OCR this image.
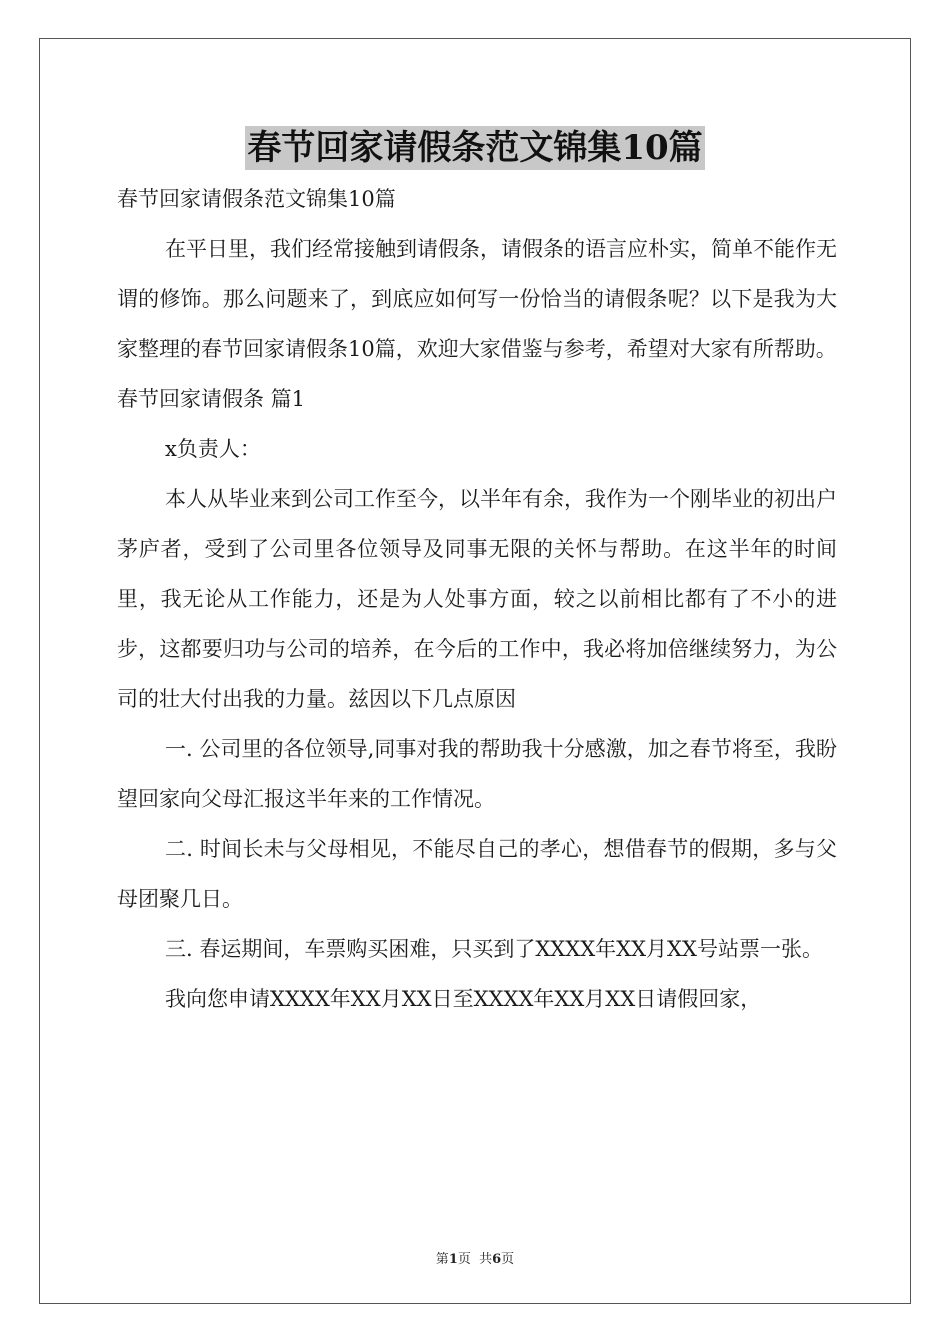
春节回家请假条范文锦集10篇

春节回家请假条范文锦集10篇

在平日里，我们经常接触到请假条，请假条的语言应朴实，简单不能作无谓的修饰。那么问题来了，到底应如何写一份恰当的请假条呢？以下是我为大家整理的春节回家请假条10篇，欢迎大家借鉴与参考，希望对大家有所帮助。

春节回家请假条 篇1

x负责人：

本人从毕业来到公司工作至今，以半年有余，我作为一个刚毕业的初出户茅庐者，受到了公司里各位领导及同事无限的关怀与帮助。在这半年的时间里，我无论从工作能力，还是为人处事方面，较之以前相比都有了不小的进步，这都要归功与公司的培养，在今后的工作中，我必将加倍继续努力，为公司的壮大付出我的力量。兹因以下几点原因

一. 公司里的各位领导,同事对我的帮助我十分感激，加之春节将至，我盼望回家向父母汇报这半年来的工作情况。

二. 时间长未与父母相见，不能尽自己的孝心，想借春节的假期，多与父母团聚几日。

三. 春运期间，车票购买困难，只买到了XXXX年XX月XX号站票一张。

我向您申请XXXX年XX月XX日至XXXX年XX月XX日请假回家，

第1页  共6页
